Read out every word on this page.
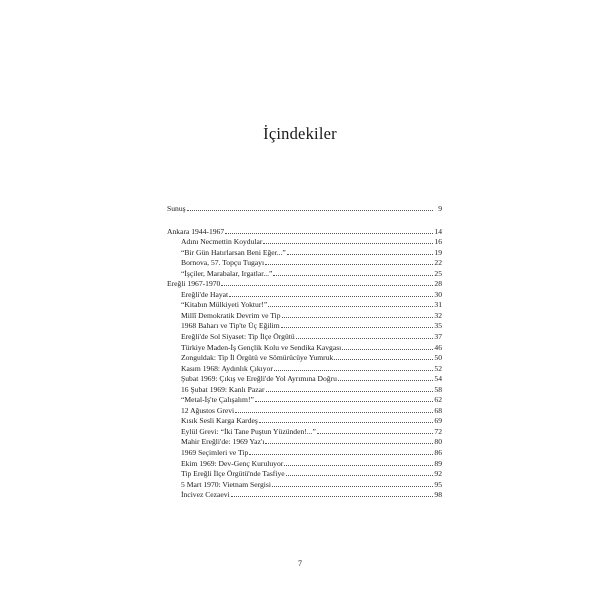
İçindekiler
Sunuş	9
Ankara 1944-1967	14
Adını Necmettin Koydular	16
“Bir Gün Hatırlarsan Beni Eğer...”	19
Bornova, 57. Topçu Tugayı	22
“İşçiler, Marabalar, Irgatlar...”	25
Ereğli 1967-1970	28
Ereğli'de Hayat	30
“Kitabın Mülkiyeti Yoktur!”	31
Millî Demokratik Devrim ve Tip	32
1968 Baharı ve Tip'te Üç Eğilim	35
Ereğli'de Sol Siyaset: Tip İlçe Örgütü	37
Türkiye Maden-İş Gençlik Kolu ve Sendika Kavgası	46
Zonguldak: Tip İl Örgütü ve Sömürücüye Yumruk	50
Kasım 1968: Aydınlık Çıkıyor	52
Şubat 1969: Çıkış ve Ereğli'de Yol Ayrımına Doğru	54
16 Şubat 1969: Kanlı Pazar	58
“Metal-İş'te Çalışalım!”	62
12 Ağustos Grevi	68
Kısık Sesli Karga Kardeş	69
Eylül Grevi: “İki Tane Puştun Yüzünden!...”	72
Mahir Ereğli'de: 1969 Yaz'ı	80
1969 Seçimleri ve Tip	86
Ekim 1969: Dev-Genç Kuruluyor	89
Tip Ereğli İlçe Örgütü'nde Tasfiye	92
5 Mart 1970: Vietnam Sergisi	95
İncivez Cezaevi	98
7
